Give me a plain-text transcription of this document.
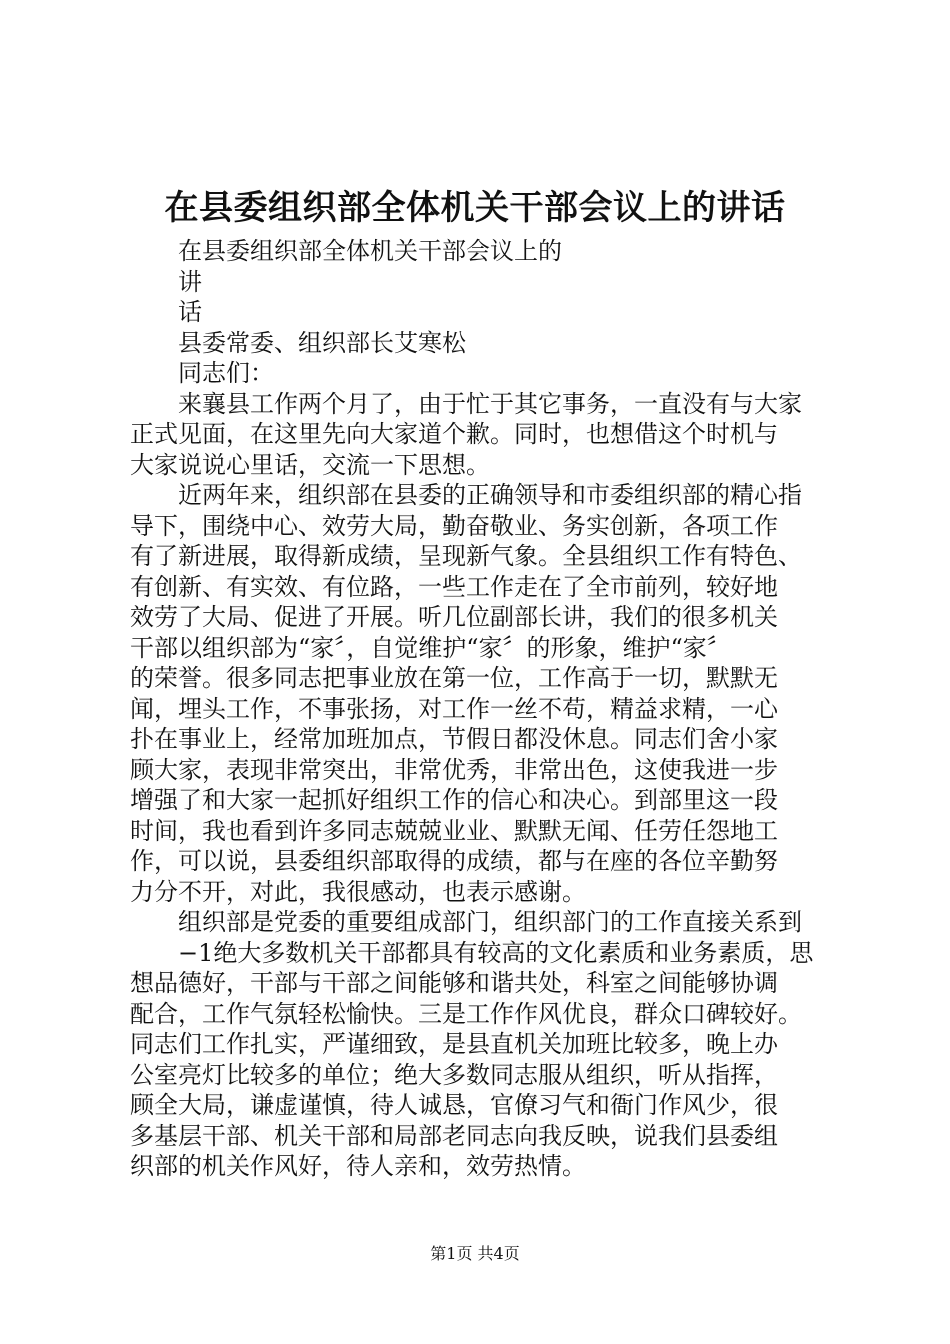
在县委组织部全体机关干部会议上的讲话
在县委组织部全体机关干部会议上的
讲
话
县委常委、组织部长艾寒松
同志们：
来襄县工作两个月了，由于忙于其它事务，一直没有与大家
正式见面，在这里先向大家道个歉。同时，也想借这个时机与
大家说说心里话，交流一下思想。
近两年来，组织部在县委的正确领导和市委组织部的精心指
导下，围绕中心、效劳大局，勤奋敬业、务实创新，各项工作
有了新进展，取得新成绩，呈现新气象。全县组织工作有特色、
有创新、有实效、有位路，一些工作走在了全市前列，较好地
效劳了大局、促进了开展。听几位副部长讲，我们的很多机关
干部以组织部为“家〞，自觉维护“家〞的形象，维护“家〞
的荣誉。很多同志把事业放在第一位，工作高于一切，默默无
闻，埋头工作，不事张扬，对工作一丝不苟，精益求精，一心
扑在事业上，经常加班加点，节假日都没休息。同志们舍小家
顾大家，表现非常突出，非常优秀，非常出色，这使我进一步
增强了和大家一起抓好组织工作的信心和决心。到部里这一段
时间，我也看到许多同志兢兢业业、默默无闻、任劳任怨地工
作，可以说，县委组织部取得的成绩，都与在座的各位辛勤努
力分不开，对此，我很感动，也表示感谢。
组织部是党委的重要组成部门，组织部门的工作直接关系到
−1绝大多数机关干部都具有较高的文化素质和业务素质，思
想品德好，干部与干部之间能够和谐共处，科室之间能够协调
配合，工作气氛轻松愉快。三是工作作风优良，群众口碑较好。
同志们工作扎实，严谨细致，是县直机关加班比较多，晚上办
公室亮灯比较多的单位；绝大多数同志服从组织，听从指挥，
顾全大局，谦虚谨慎，待人诚恳，官僚习气和衙门作风少，很
多基层干部、机关干部和局部老同志向我反映，说我们县委组
织部的机关作风好，待人亲和，效劳热情。
第1页 共4页
